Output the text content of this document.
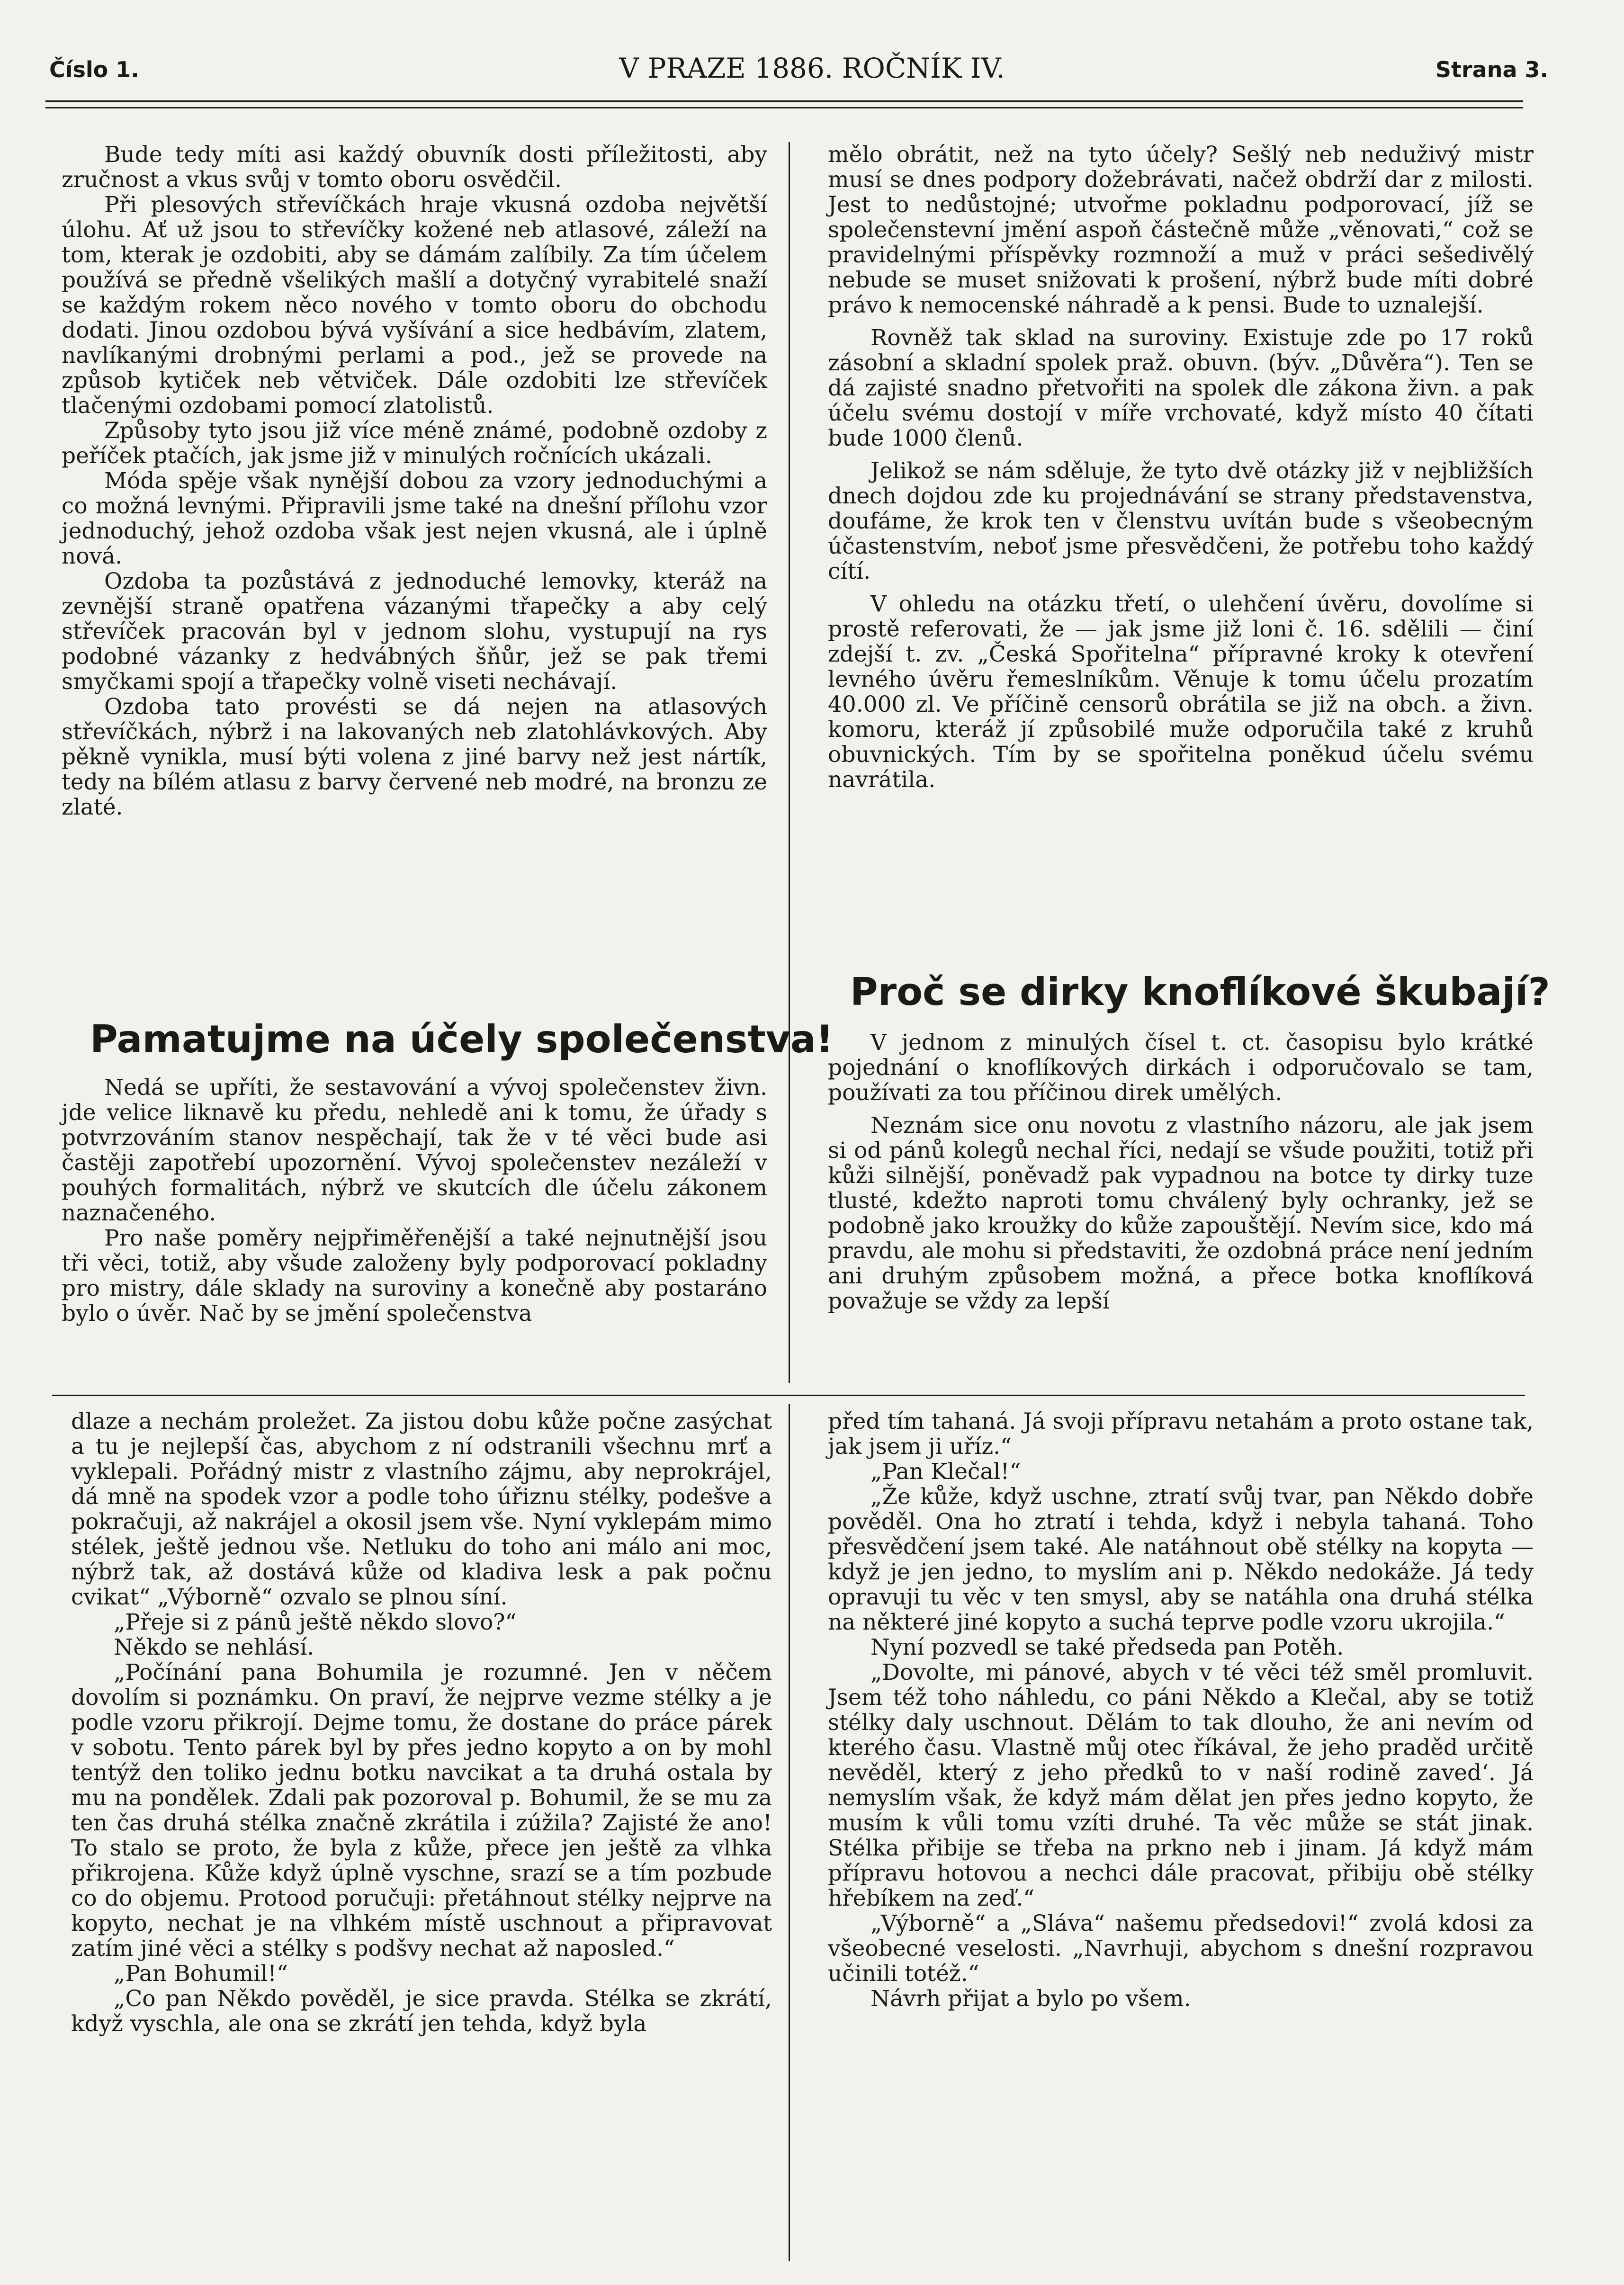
Číslo 1.	V PRAZE 1886. ROČNÍK IV.	Strana 3.

Bude tedy míti asi každý obuvník dosti příležitosti, aby zručnost a vkus svůj v tomto oboru osvědčil.

Při plesových střevíčkách hraje vkusná ozdoba největší úlohu. Ať už jsou to střevíčky kožené neb atlasové, záleží na tom, kterak je ozdobiti, aby se dámám zalíbily. Za tím účelem používá se předně všelikých mašlí a dotyčný vyrabitelé snaží se každým rokem něco nového v tomto oboru do obchodu dodati. Jinou ozdobou bývá vyšívání a sice hedbávím, zlatem, navlíkanými drobnými perlami a pod., jež se provede na způsob kytiček neb větviček. Dále ozdobiti lze střevíček tlačenými ozdobami pomocí zlatolistů.

Způsoby tyto jsou již více méně známé, podobně ozdoby z peříček ptačích, jak jsme již v minulých ročnících ukázali.

Móda spěje však nynější dobou za vzory jednoduchými a co možná levnými. Připravili jsme také na dnešní přílohu vzor jednoduchý, jehož ozdoba však jest nejen vkusná, ale i úplně nová.

Ozdoba ta pozůstává z jednoduché lemovky, kteráž na zevnější straně opatřena vázanými třapečky a aby celý střevíček pracován byl v jednom slohu, vystupují na rys podobné vázanky z hedvábných šňůr, jež se pak třemi smyčkami spojí a třapečky volně viseti nechávají.

Ozdoba tato provésti se dá nejen na atlasových střevíčkách, nýbrž i na lakovaných neb zlatohlávkových. Aby pěkně vynikla, musí býti volena z jiné barvy než jest nártík, tedy na bílém atlasu z barvy červené neb modré, na bronzu ze zlaté.

Pamatujme na účely společenstva!

Nedá se upříti, že sestavování a vývoj společenstev živn. jde velice liknavě ku předu, nehledě ani k tomu, že úřady s potvrzováním stanov nespěchají, tak že v té věci bude asi častěji zapotřebí upozornění. Vývoj společenstev nezáleží v pouhých formalitách, nýbrž ve skutcích dle účelu zákonem naznačeného.

Pro naše poměry nejpřiměřenější a také nejnutnější jsou tři věci, totiž, aby všude založeny byly podporovací pokladny pro mistry, dále sklady na suroviny a konečně aby postaráno bylo o úvěr. Nač by se jmění společenstva

mělo obrátit, než na tyto účely? Sešlý neb neduživý mistr musí se dnes podpory dožebrávati, načež obdrží dar z milosti. Jest to nedůstojné; utvořme pokladnu podporovací, jíž se společenstevní jmění aspoň částečně může „věnovati,“ což se pravidelnými příspěvky rozmnoží a muž v práci sešedivělý nebude se muset snižovati k prošení, nýbrž bude míti dobré právo k nemocenské náhradě a k pensi. Bude to uznalejší.

Rovněž tak sklad na suroviny. Existuje zde po 17 roků zásobní a skladní spolek praž. obuvn. (býv. „Důvěra“). Ten se dá zajisté snadno přetvořiti na spolek dle zákona živn. a pak účelu svému dostojí v míře vrchovaté, když místo 40 čítati bude 1000 členů.

Jelikož se nám sděluje, že tyto dvě otázky již v nejbližších dnech dojdou zde ku projednávání se strany představenstva, doufáme, že krok ten v členstvu uvítán bude s všeobecným účastenstvím, neboť jsme přesvědčeni, že potřebu toho každý cítí.

V ohledu na otázku třetí, o ulehčení úvěru, dovolíme si prostě referovati, že — jak jsme již loni č. 16. sdělili — činí zdejší t. zv. „Česká Spořitelna“ přípravné kroky k otevření levného úvěru řemeslníkům. Věnuje k tomu účelu prozatím 40.000 zl. Ve příčině censorů obrátila se již na obch. a živn. komoru, kteráž jí způsobilé muže odporučila také z kruhů obuvnických. Tím by se spořitelna poněkud účelu svému navrátila.

Proč se dirky knoflíkové škubají?

V jednom z minulých čísel t. ct. časopisu bylo krátké pojednání o knoflíkových dirkách i odporučovalo se tam, používati za tou příčinou direk umělých.

Neznám sice onu novotu z vlastního názoru, ale jak jsem si od pánů kolegů nechal říci, nedají se všude použiti, totiž při kůži silnější, poněvadž pak vypadnou na botce ty dirky tuze tlusté, kdežto naproti tomu chválený byly ochranky, jež se podobně jako kroužky do kůže zapouštějí. Nevím sice, kdo má pravdu, ale mohu si představiti, že ozdobná práce není jedním ani druhým způsobem možná, a přece botka knoflíková považuje se vždy za lepší

dlaze a nechám proležet. Za jistou dobu kůže počne zasýchat a tu je nejlepší čas, abychom z ní odstranili všechnu mrť a vyklepali. Pořádný mistr z vlastního zájmu, aby neprokrájel, dá mně na spodek vzor a podle toho úřiznu stélky, podešve a pokračuji, až nakrájel a okosil jsem vše. Nyní vyklepám mimo stélek, ještě jednou vše. Netluku do toho ani málo ani moc, nýbrž tak, až dostává kůže od kladiva lesk a pak počnu cvikat“ „Výborně“ ozvalo se plnou síní.

„Přeje si z pánů ještě někdo slovo?“

Někdo se nehlásí.

„Počínání pana Bohumila je rozumné. Jen v něčem dovolím si poznámku. On praví, že nejprve vezme stélky a je podle vzoru přikrojí. Dejme tomu, že dostane do práce párek v sobotu. Tento párek byl by přes jedno kopyto a on by mohl tentýž den toliko jednu botku navcikat a ta druhá ostala by mu na pondělek. Zdali pak pozoroval p. Bohumil, že se mu za ten čas druhá stélka značně zkrátila i zúžila? Zajisté že ano! To stalo se proto, že byla z kůže, přece jen ještě za vlhka přikrojena. Kůže když úplně vyschne, srazí se a tím pozbude co do objemu. Protood poručuji: přetáhnout stélky nejprve na kopyto, nechat je na vlhkém místě uschnout a připravovat zatím jiné věci a stélky s podšvy nechat až naposled.“

„Pan Bohumil!“

„Co pan Někdo pověděl, je sice pravda. Stélka se zkrátí, když vyschla, ale ona se zkrátí jen tehda, když byla

před tím tahaná. Já svoji přípravu netahám a proto ostane tak, jak jsem ji uříz.“

„Pan Klečal!“

„Že kůže, když uschne, ztratí svůj tvar, pan Někdo dobře pověděl. Ona ho ztratí i tehda, když i nebyla tahaná. Toho přesvědčení jsem také. Ale natáhnout obě stélky na kopyta — když je jen jedno, to myslím ani p. Někdo nedokáže. Já tedy opravuji tu věc v ten smysl, aby se natáhla ona druhá stélka na některé jiné kopyto a suchá teprve podle vzoru ukrojila.“

Nyní pozvedl se také předseda pan Potěh.

„Dovolte, mi pánové, abych v té věci též směl promluvit. Jsem též toho náhledu, co páni Někdo a Klečal, aby se totiž stélky daly uschnout. Dělám to tak dlouho, že ani nevím od kterého času. Vlastně můj otec říkával, že jeho praděd určitě nevěděl, který z jeho předků to v naší rodině zaved‘. Já nemyslím však, že když mám dělat jen přes jedno kopyto, že musím k vůli tomu vzíti druhé. Ta věc může se stát jinak. Stélka přibije se třeba na prkno neb i jinam. Já když mám přípravu hotovou a nechci dále pracovat, přibiju obě stélky hřebíkem na zeď.“

„Výborně“ a „Sláva“ našemu předsedovi!“ zvolá kdosi za všeobecné veselosti. „Navrhuji, abychom s dnešní rozpravou učinili totéž.“

Návrh přijat a bylo po všem.
